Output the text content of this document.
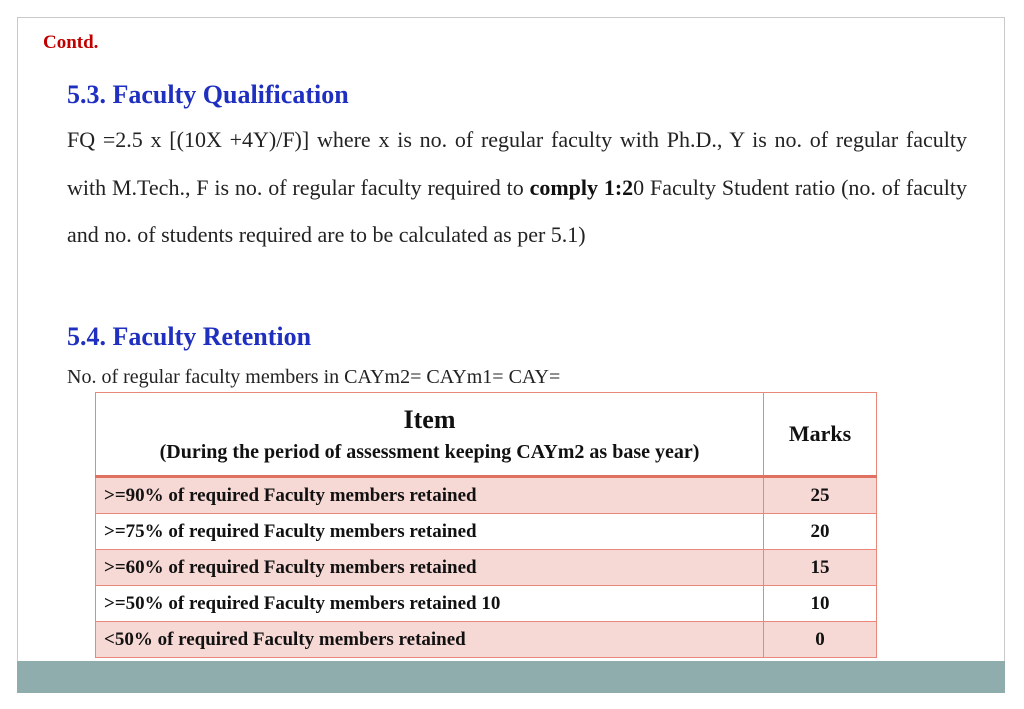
Contd.
5.3. Faculty Qualification
FQ =2.5 x [(10X +4Y)/F)] where x is no. of regular faculty with Ph.D., Y is no. of regular faculty with M.Tech., F is no. of regular faculty required to comply 1:20 Faculty Student ratio (no. of faculty and no. of students required are to be calculated as per 5.1)
5.4. Faculty Retention
No. of regular faculty members in CAYm2= CAYm1= CAY=
Item
(During the period of assessment keeping CAYm2 as base year)	Marks
>=90% of required Faculty members retained	25
>=75% of required Faculty members retained	20
>=60% of required Faculty members retained	15
>=50% of required Faculty members retained 10	10
<50% of required Faculty members retained	0
